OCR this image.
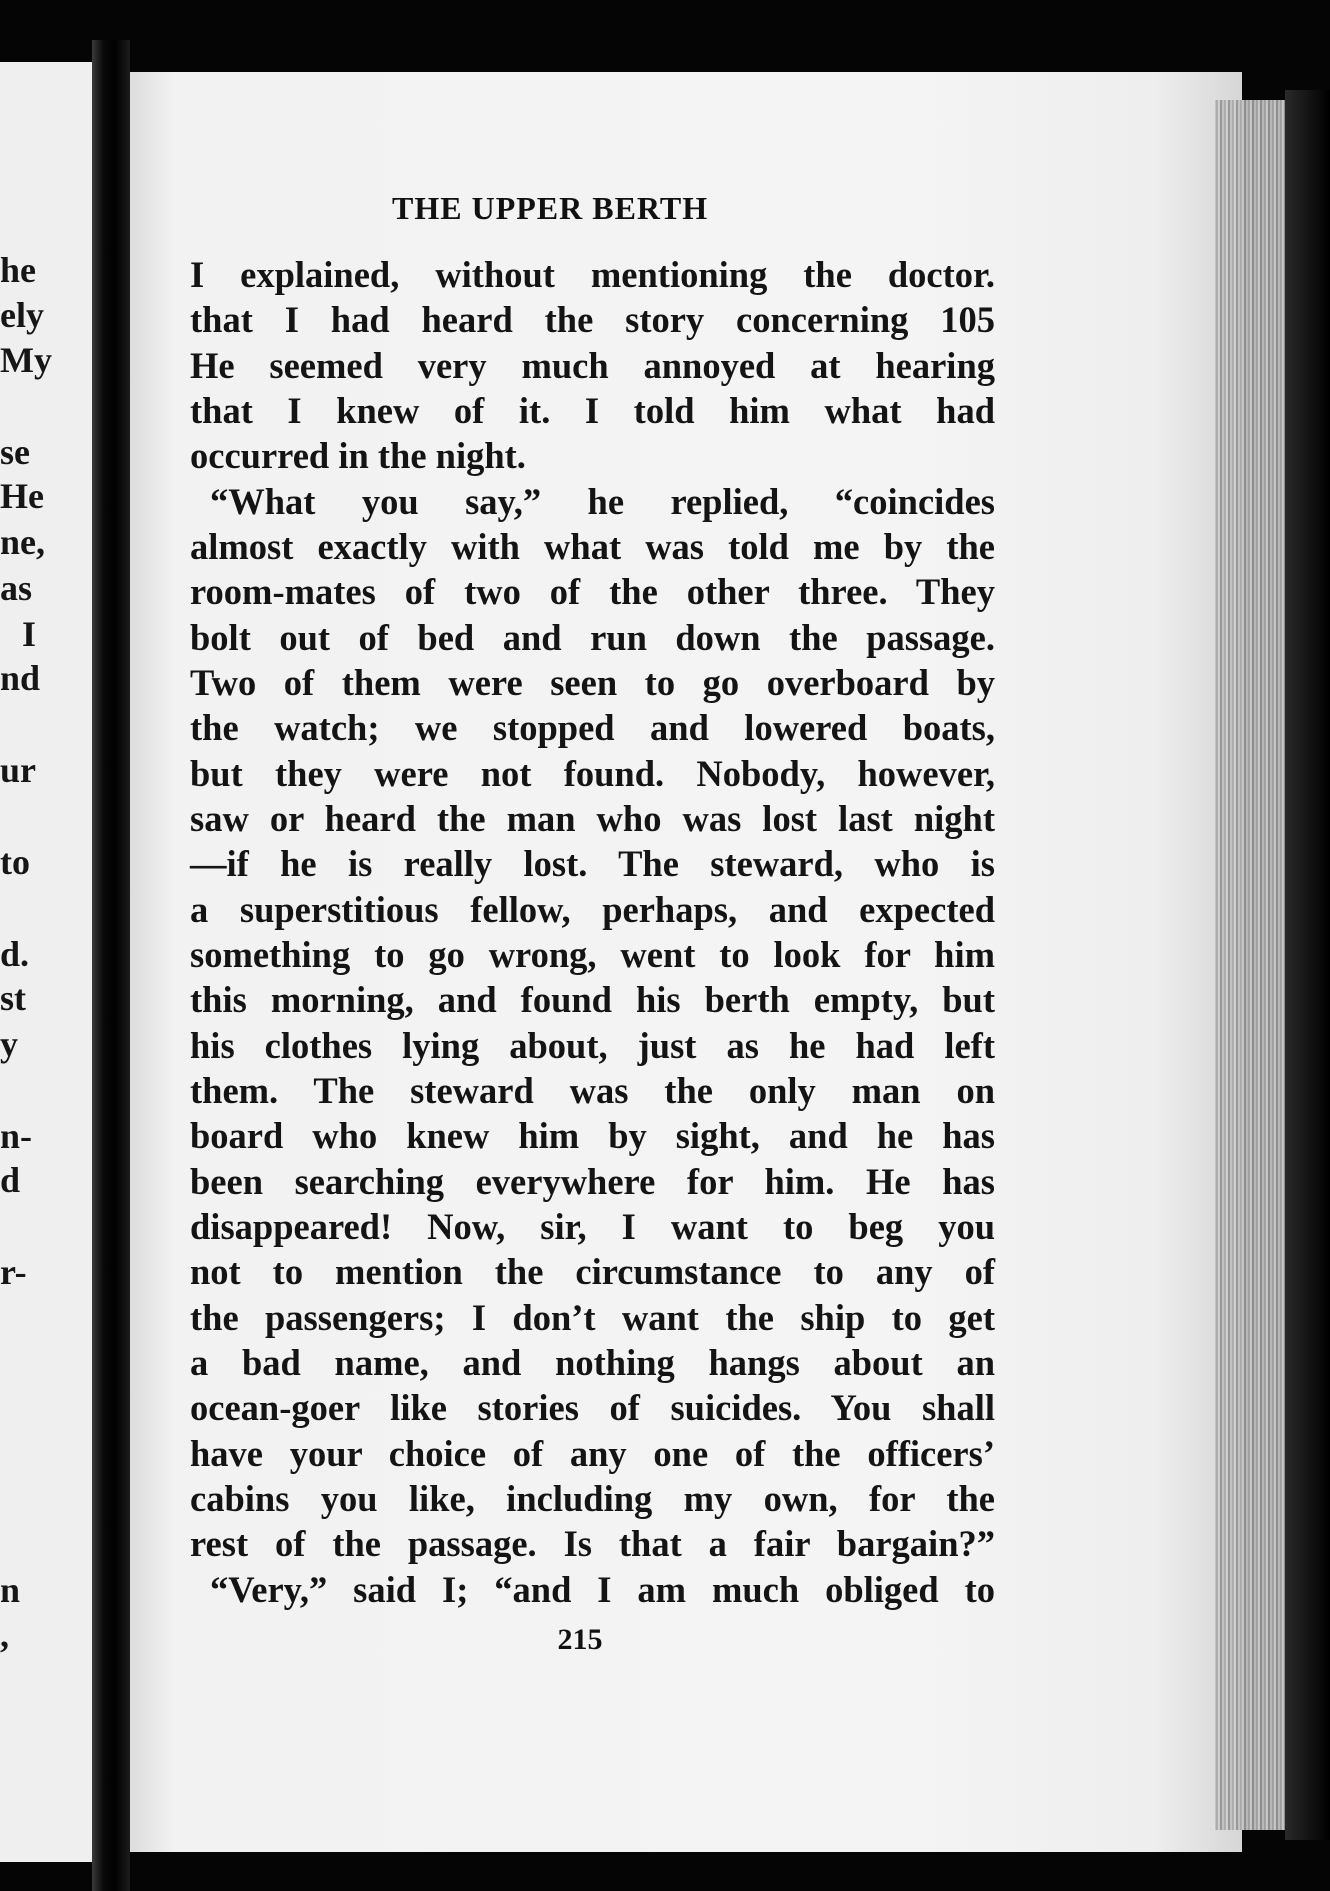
he
ely
My
se
He
ne,
as
I
nd
ur
to
d.
st
y
n-
d
r-
n
,
THE UPPER BERTH
I explained, without mentioning the doctor.
that I had heard the story concerning 105
He seemed very much annoyed at hearing
that I knew of it. I told him what had
occurred in the night.
“What you say,” he replied, “coincides
almost exactly with what was told me by the
room-mates of two of the other three. They
bolt out of bed and run down the passage.
Two of them were seen to go overboard by
the watch; we stopped and lowered boats,
but they were not found. Nobody, however,
saw or heard the man who was lost last night
—if he is really lost. The steward, who is
a superstitious fellow, perhaps, and expected
something to go wrong, went to look for him
this morning, and found his berth empty, but
his clothes lying about, just as he had left
them. The steward was the only man on
board who knew him by sight, and he has
been searching everywhere for him. He has
disappeared! Now, sir, I want to beg you
not to mention the circumstance to any of
the passengers; I don’t want the ship to get
a bad name, and nothing hangs about an
ocean-goer like stories of suicides. You shall
have your choice of any one of the officers’
cabins you like, including my own, for the
rest of the passage. Is that a fair bargain?”
“Very,” said I; “and I am much obliged to
215
